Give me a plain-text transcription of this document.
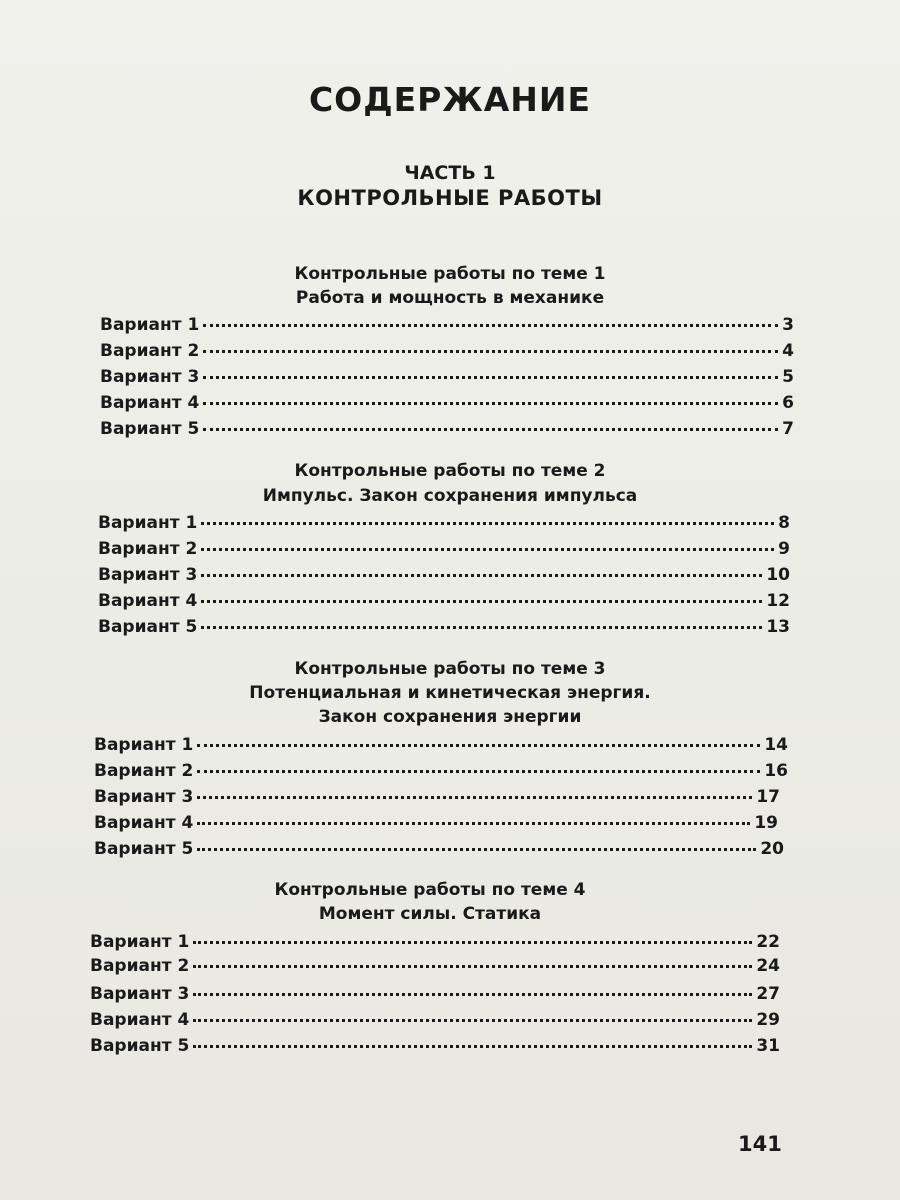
СОДЕРЖАНИЕ
ЧАСТЬ 1
КОНТРОЛЬНЫЕ РАБОТЫ
Контрольные работы по теме 1
Работа и мощность в механике
Вариант 1	3
Вариант 2	4
Вариант 3	5
Вариант 4	6
Вариант 5	7
Контрольные работы по теме 2
Импульс. Закон сохранения импульса
Вариант 1	8
Вариант 2	9
Вариант 3	10
Вариант 4	12
Вариант 5	13
Контрольные работы по теме 3
Потенциальная и кинетическая энергия.
Закон сохранения энергии
Вариант 1	14
Вариант 2	16
Вариант 3	17
Вариант 4	19
Вариант 5	20
Контрольные работы по теме 4
Момент силы. Статика
Вариант 1	22
Вариант 2	24
Вариант 3	27
Вариант 4	29
Вариант 5	31
141
